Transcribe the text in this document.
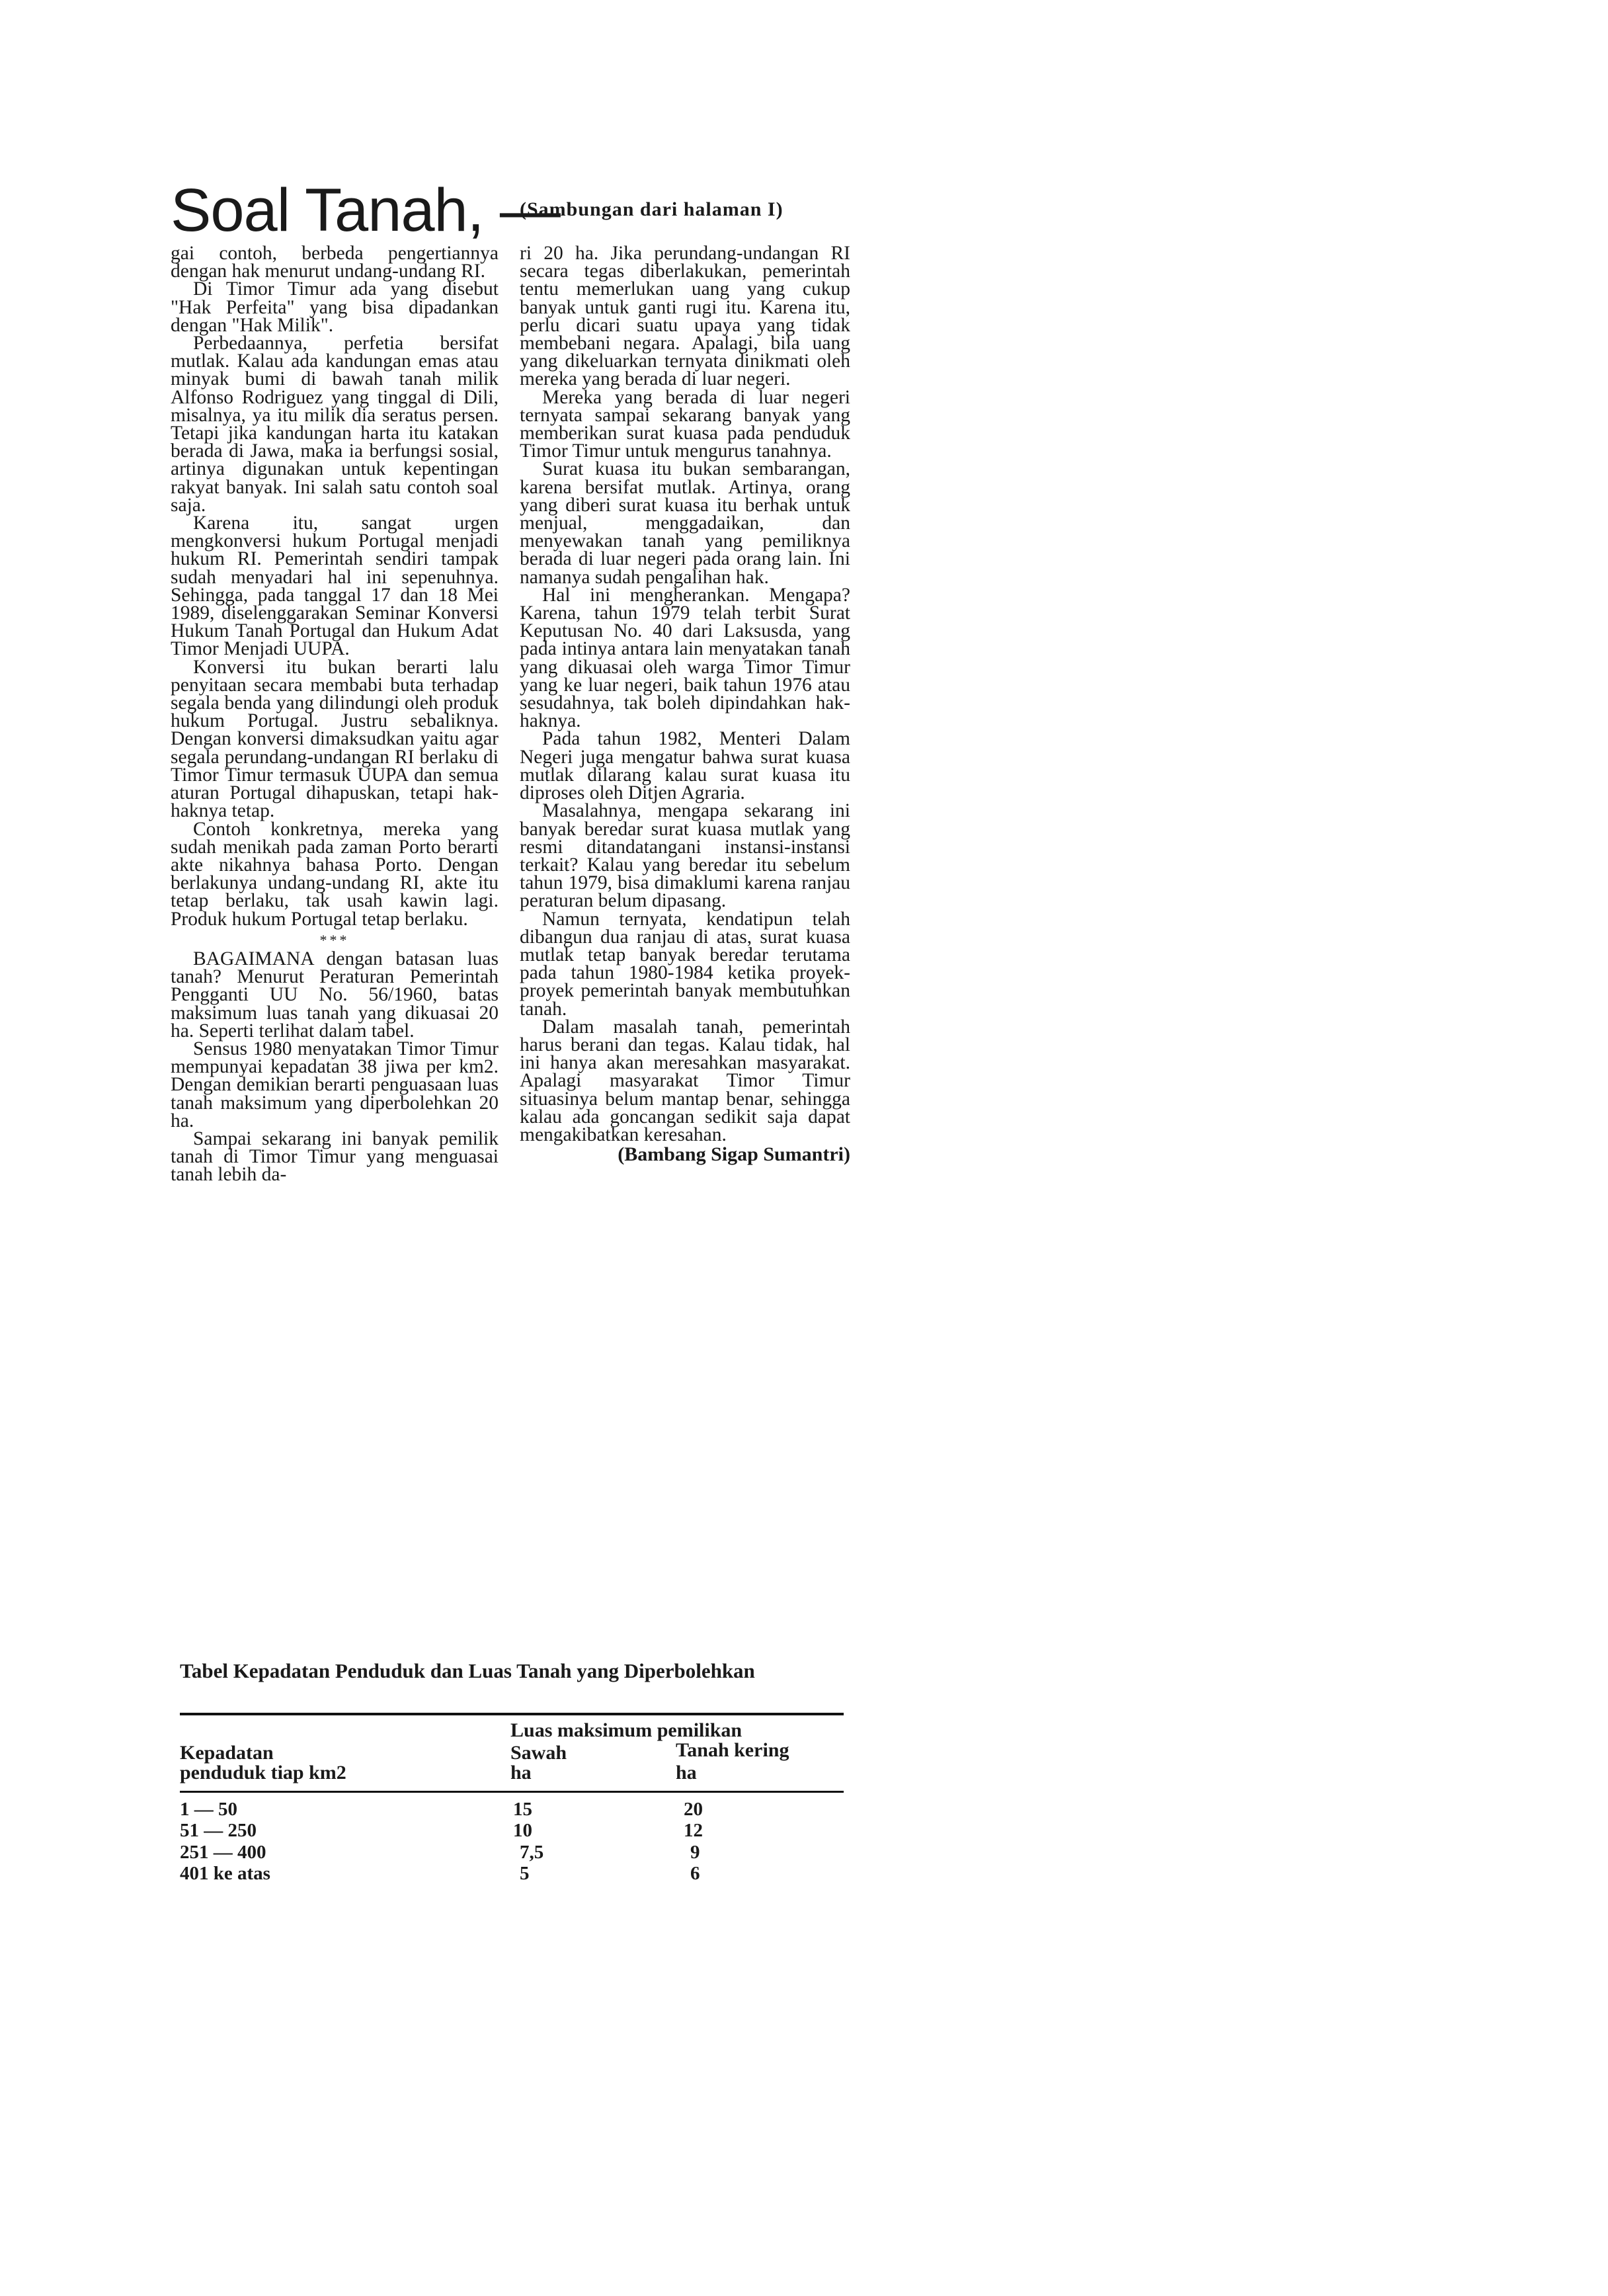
Soal Tanah, —
(Sambungan dari halaman I)

gai contoh, berbeda pengertiannya dengan hak menurut undang-undang RI.

Di Timor Timur ada yang disebut "Hak Perfeita" yang bisa dipadankan dengan "Hak Milik".

Perbedaannya, perfetia bersifat mutlak. Kalau ada kandungan emas atau minyak bumi di bawah tanah milik Alfonso Rodriguez yang tinggal di Dili, misalnya, ya itu milik dia seratus persen. Tetapi jika kandungan harta itu katakan berada di Jawa, maka ia berfungsi sosial, artinya digunakan untuk kepentingan rakyat banyak. Ini salah satu contoh soal saja.

Karena itu, sangat urgen mengkonversi hukum Portugal menjadi hukum RI. Pemerintah sendiri tampak sudah menyadari hal ini sepenuhnya. Sehingga, pada tanggal 17 dan 18 Mei 1989, diselenggarakan Seminar Konversi Hukum Tanah Portugal dan Hukum Adat Timor Menjadi UUPA.

Konversi itu bukan berarti lalu penyitaan secara membabi buta terhadap segala benda yang dilindungi oleh produk hukum Portugal. Justru sebaliknya. Dengan konversi dimaksudkan yaitu agar segala perundang-undangan RI berlaku di Timor Timur termasuk UUPA dan semua aturan Portugal dihapuskan, tetapi hak-haknya tetap.

Contoh konkretnya, mereka yang sudah menikah pada zaman Porto berarti akte nikahnya bahasa Porto. Dengan berlakunya undang-undang RI, akte itu tetap berlaku, tak usah kawin lagi. Produk hukum Portugal tetap berlaku.

***

BAGAIMANA dengan batasan luas tanah? Menurut Peraturan Pemerintah Pengganti UU No. 56/1960, batas maksimum luas tanah yang dikuasai 20 ha. Seperti terlihat dalam tabel.

Sensus 1980 menyatakan Timor Timur mempunyai kepadatan 38 jiwa per km2. Dengan demikian berarti penguasaan luas tanah maksimum yang diperbolehkan 20 ha.

Sampai sekarang ini banyak pemilik tanah di Timor Timur yang menguasai tanah lebih da-

ri 20 ha. Jika perundang-undangan RI secara tegas diberlakukan, pemerintah tentu memerlukan uang yang cukup banyak untuk ganti rugi itu. Karena itu, perlu dicari suatu upaya yang tidak membebani negara. Apalagi, bila uang yang dikeluarkan ternyata dinikmati oleh mereka yang berada di luar negeri.

Mereka yang berada di luar negeri ternyata sampai sekarang banyak yang memberikan surat kuasa pada penduduk Timor Timur untuk mengurus tanahnya.

Surat kuasa itu bukan sembarangan, karena bersifat mutlak. Artinya, orang yang diberi surat kuasa itu berhak untuk menjual, menggadaikan, dan menyewakan tanah yang pemiliknya berada di luar negeri pada orang lain. Ini namanya sudah pengalihan hak.

Hal ini mengherankan. Mengapa? Karena, tahun 1979 telah terbit Surat Keputusan No. 40 dari Laksusda, yang pada intinya antara lain menyatakan tanah yang dikuasai oleh warga Timor Timur yang ke luar negeri, baik tahun 1976 atau sesudahnya, tak boleh dipindahkan hak-haknya.

Pada tahun 1982, Menteri Dalam Negeri juga mengatur bahwa surat kuasa mutlak dilarang kalau surat kuasa itu diproses oleh Ditjen Agraria.

Masalahnya, mengapa sekarang ini banyak beredar surat kuasa mutlak yang resmi ditandatangani instansi-instansi terkait? Kalau yang beredar itu sebelum tahun 1979, bisa dimaklumi karena ranjau peraturan belum dipasang.

Namun ternyata, kendatipun telah dibangun dua ranjau di atas, surat kuasa mutlak tetap banyak beredar terutama pada tahun 1980-1984 ketika proyek-proyek pemerintah banyak membutuhkan tanah.

Dalam masalah tanah, pemerintah harus berani dan tegas. Kalau tidak, hal ini hanya akan meresahkan masyarakat. Apalagi masyarakat Timor Timur situasinya belum mantap benar, sehingga kalau ada goncangan sedikit saja dapat mengakibatkan keresahan.

(Bambang Sigap Sumantri)
Tabel Kepadatan Penduduk dan Luas Tanah yang Diperbolehkan
Luas maksimum pemilikan
Kepadatan
penduduk tiap km2
Sawah
ha
Tanah kering
ha
1 — 50	15	20
51 — 250	10	12
251 — 400	7,5	9
401 ke atas	5	6
